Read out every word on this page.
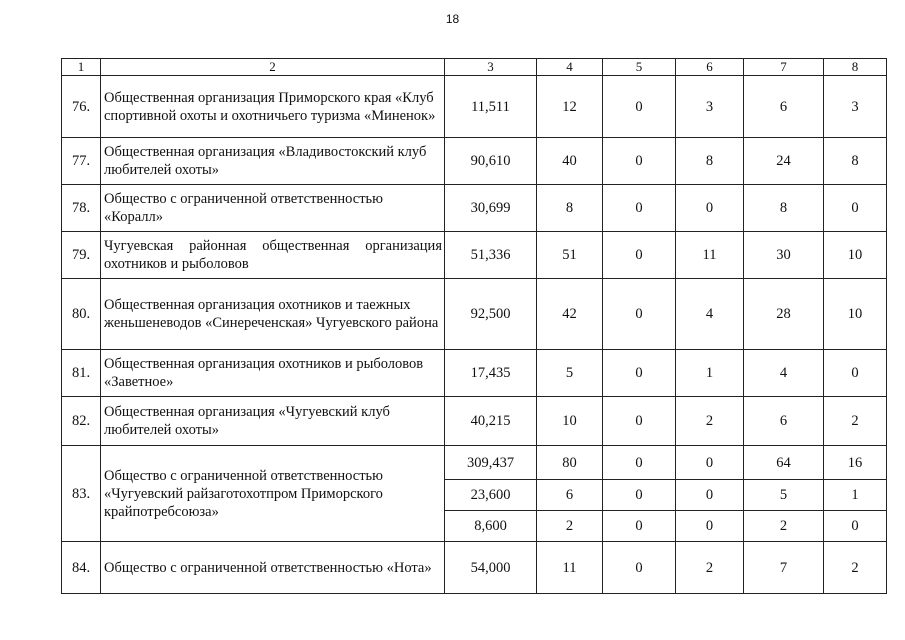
18
1	2	3	4	5	6	7	8
76.	Общественная организация Приморского края «Клуб спортивной охоты и охотничьего туризма «Миненок»	11,511	12	0	3	6	3
77.	Общественная организация «Владивостокский клуб любителей охоты»	90,610	40	0	8	24	8
78.	Общество с ограниченной ответственностью «Коралл»	30,699	8	0	0	8	0
79.	Чугуевская районная общественная организация охотников и рыболовов	51,336	51	0	11	30	10
80.	Общественная организация охотников и таежных женьшеневодов «Синереченская» Чугуевского района	92,500	42	0	4	28	10
81.	Общественная организация охотников и рыболовов «Заветное»	17,435	5	0	1	4	0
82.	Общественная организация «Чугуевский клуб любителей охоты»	40,215	10	0	2	6	2
83.	Общество с ограниченной ответственностью «Чугуевский райзаготохотпром Приморского крайпотребсоюза»	309,437	80	0	0	64	16
		23,600	6	0	0	5	1
		8,600	2	0	0	2	0
84.	Общество с ограниченной ответственностью «Нота»	54,000	11	0	2	7	2
